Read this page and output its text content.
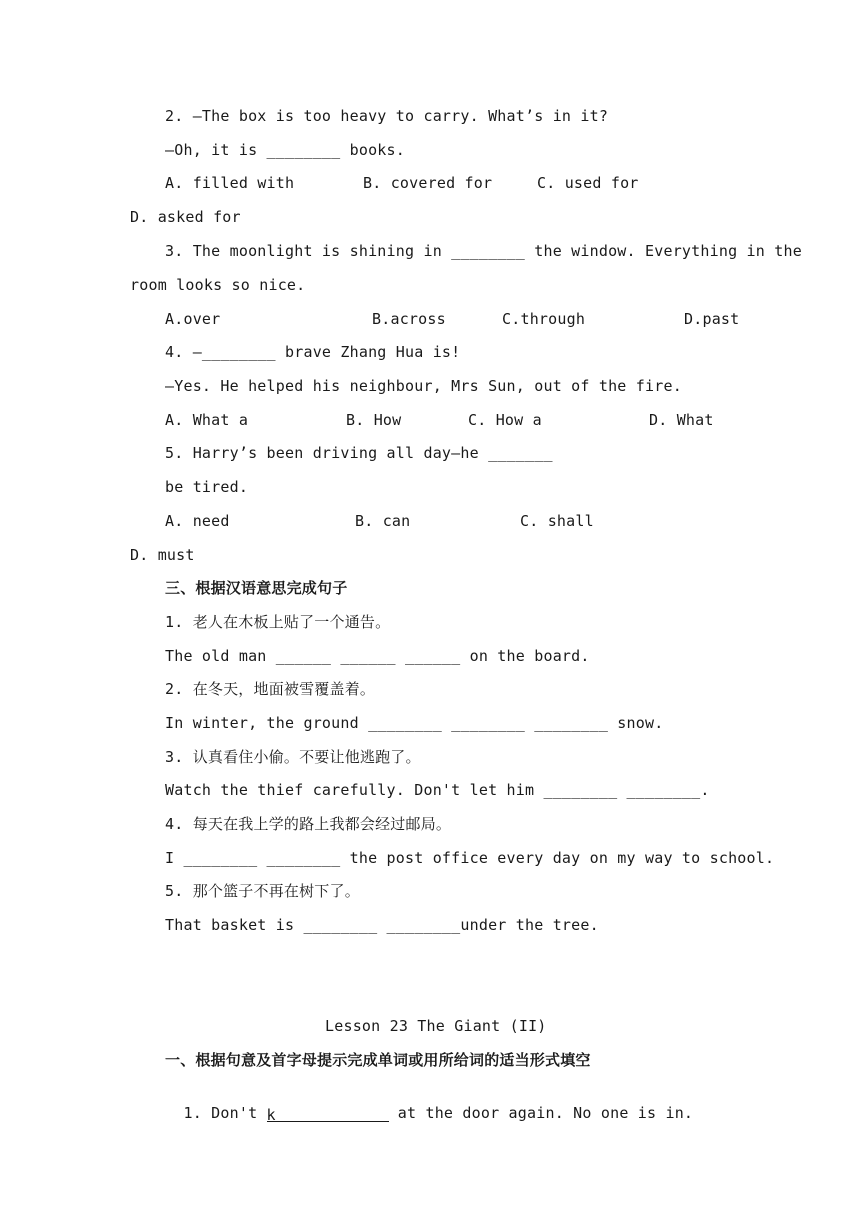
2. —The box is too heavy to carry. What’s in it?
—Oh, it is ________ books.
A. filled with	B. covered for	C. used for
D. asked for
3. The moonlight is shining in ________ the window. Everything in the
room looks so nice.
A.over	B.across	C.through	D.past
4. —________ brave Zhang Hua is!
—Yes. He helped his neighbour, Mrs Sun, out of the fire.
A. What a	B. How	C. How a	D. What
5. Harry’s been driving all day—he _______
be tired.
A. need	B. can	C. shall
D. must
三、根据汉语意思完成句子
1. 老人在木板上贴了一个通告。
The old man ______ ______ ______ on the board.
2. 在冬天，地面被雪覆盖着。
In winter, the ground ________ ________ ________ snow.
3. 认真看住小偷。不要让他逃跑了。
Watch the thief carefully. Don't let him ________ ________.
4. 每天在我上学的路上我都会经过邮局。
I ________ ________ the post office every day on my way to school.
5. 那个篮子不再在树下了。
That basket is ________ ________under the tree.
Lesson 23 The Giant (II)
一、根据句意及首字母提示完成单词或用所给词的适当形式填空

1. Don't k	at the door again. No one is in.
